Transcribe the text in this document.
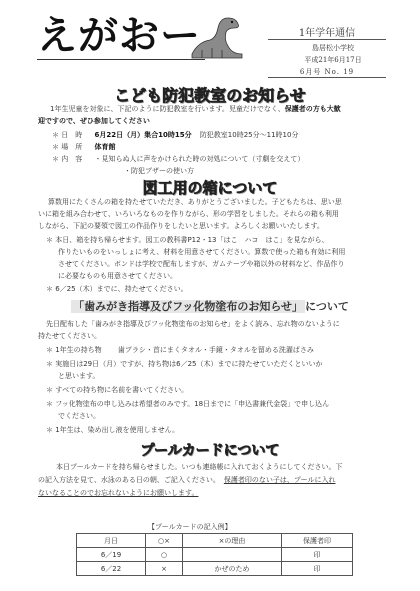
えがおー	1年学年通信
島居松小学校
平成21年6月17日
6月号 No. 19
こども防犯教室のお知らせ
1年生児童を対象に、下記のように防犯教室を行います。児童だけでなく、保護者の方も大歓
迎ですので、ぜひ参加してください
＊ 日　時 6月22日（月）集合10時15分 防犯教室10時25分～11時10分
＊ 場　所 体育館
＊ 内　容 ・見知らぬ人に声をかけられた時の対処について（寸劇を交えて）
・防犯ブザーの使い方
図工用の箱について
算数用にたくさんの箱を持たせていただき、ありがとうございました。子どもたちは、思い思
いに箱を組み合わせて、いろいろなものを作りながら、形の学習をしました。それらの箱も利用
しながら、下記の要領で図工の作品作りをしたいと思います。よろしくお願いいたします。
＊ 本日、箱を持ち帰らせます。図工の教科書P12・13「はこ　ハコ　はこ」を見ながら、
作りたいものをいっしょに考え、材料を用意させてください。算数で使った箱も有効に利用
させてください。ボンドは学校で配布しますが、ガムテープや箱以外の材料など、作品作り
に必要なものも用意させてください。
＊ 6／25（木）までに、持たせてください。
「歯みがき指導及びフッ化物塗布のお知らせ」 について
先日配布した「歯みがき指導及びフッ化物塗布のお知らせ」をよく読み、忘れ物のないように
持たせてください。
＊ 1年生の持ち物 歯ブラシ・首にまくタオル・手鏡・タオルを留める洗濯ばさみ
＊ 実施日は29日（月）ですが、持ち物は6／25（木）までに持たせていただくといいか
と思います。
＊ すべての持ち物に名前を書いてください。
＊ フッ化物塗布の申し込みは希望者のみです。18日までに「申込書兼代金袋」で申し込ん
でください。
＊ 1年生は、染め出し液を使用しません。
プールカードについて
本日プールカードを持ち帰らせました。いつも連絡帳に入れておくようにしてください。下
の記入方法を見て、水泳のある日の朝、ご記入ください。 保護者印のない子は、プールに入れ
ないなることのでお忘れないようにお願いします。
【プールカードの記入例】
月日	○×	×の理由	保護者印
6／19	○		印
6／22	×	かぜのため	印
